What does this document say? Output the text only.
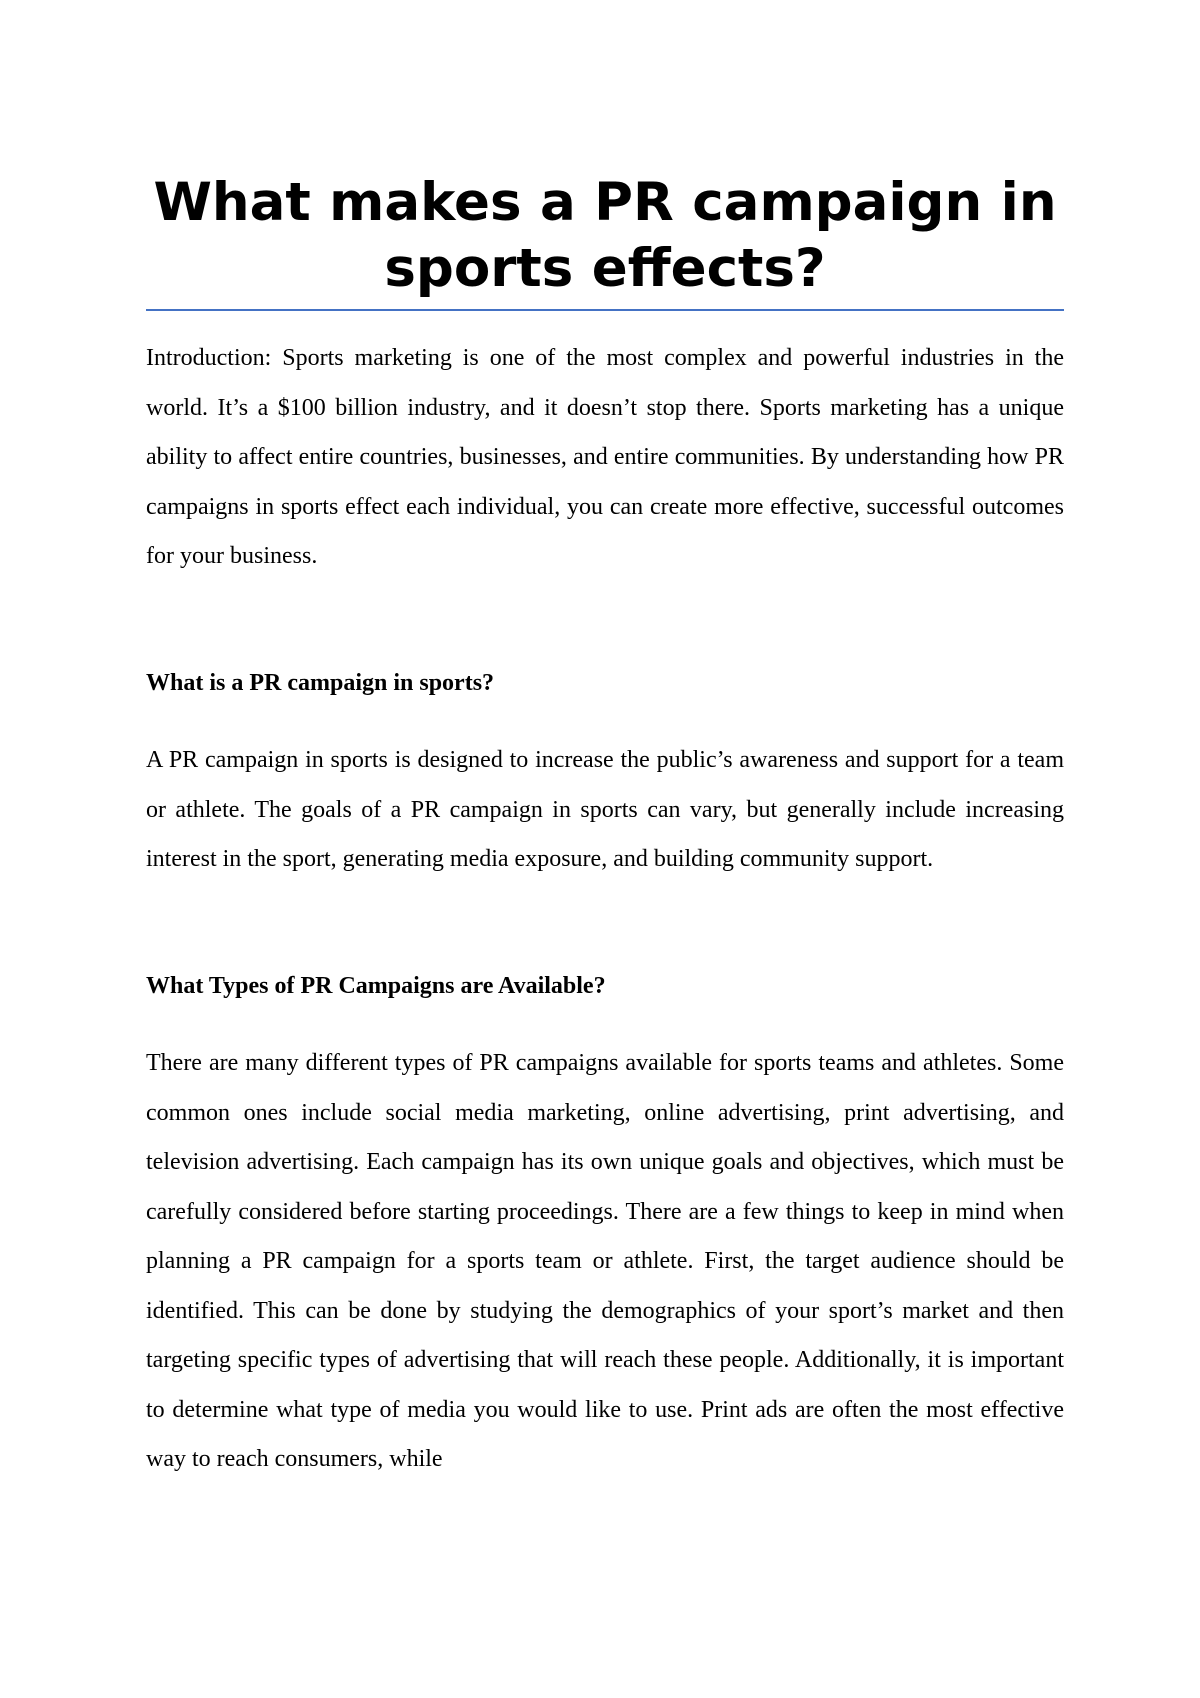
What makes a PR campaign in sports effects?

Introduction: Sports marketing is one of the most complex and powerful industries in the world. It’s a $100 billion industry, and it doesn’t stop there. Sports marketing has a unique ability to affect entire countries, businesses, and entire communities. By understanding how PR campaigns in sports effect each individual, you can create more effective, successful outcomes for your business.

What is a PR campaign in sports?

A PR campaign in sports is designed to increase the public’s awareness and support for a team or athlete. The goals of a PR campaign in sports can vary, but generally include increasing interest in the sport, generating media exposure, and building community support.

What Types of PR Campaigns are Available?

There are many different types of PR campaigns available for sports teams and athletes. Some common ones include social media marketing, online advertising, print advertising, and television advertising. Each campaign has its own unique goals and objectives, which must be carefully considered before starting proceedings. There are a few things to keep in mind when planning a PR campaign for a sports team or athlete. First, the target audience should be identified. This can be done by studying the demographics of your sport’s market and then targeting specific types of advertising that will reach these people. Additionally, it is important to determine what type of media you would like to use. Print ads are often the most effective way to reach consumers, while
